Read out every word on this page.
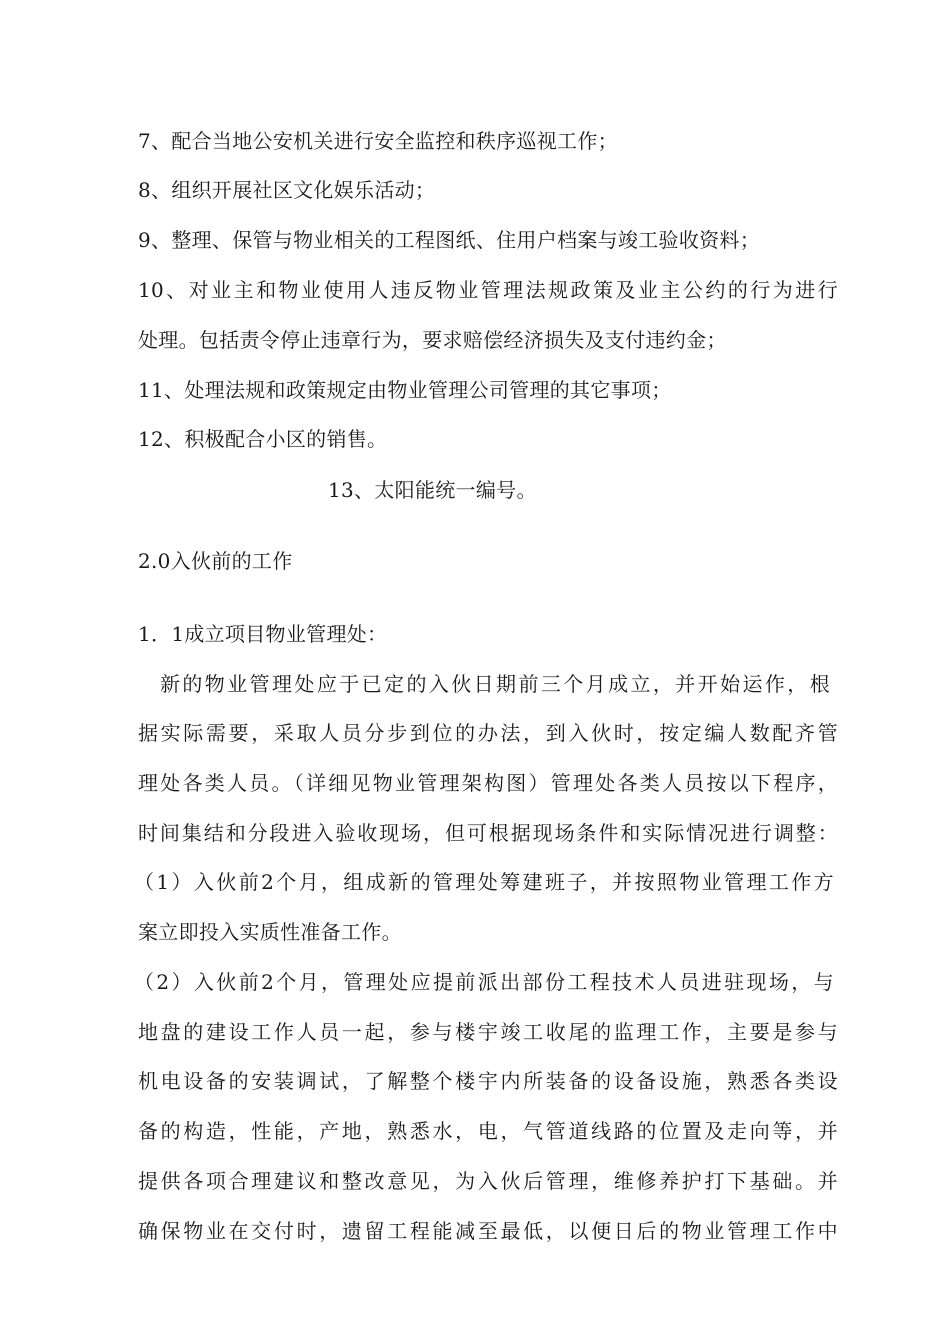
7、配合当地公安机关进行安全监控和秩序巡视工作；
8、组织开展社区文化娱乐活动；
9、整理、保管与物业相关的工程图纸、住用户档案与竣工验收资料；
10、对业主和物业使用人违反物业管理法规政策及业主公约的行为进行
处理。包括责令停止违章行为，要求赔偿经济损失及支付违约金；
11、处理法规和政策规定由物业管理公司管理的其它事项；
12、积极配合小区的销售。
13、太阳能统一编号。
2.0入伙前的工作
1．1成立项目物业管理处：
新的物业管理处应于已定的入伙日期前三个月成立，并开始运作，根
据实际需要，采取人员分步到位的办法，到入伙时，按定编人数配齐管
理处各类人员。（详细见物业管理架构图）管理处各类人员按以下程序，
时间集结和分段进入验收现场，但可根据现场条件和实际情况进行调整：
（1）入伙前2个月，组成新的管理处筹建班子，并按照物业管理工作方
案立即投入实质性准备工作。
（2）入伙前2个月，管理处应提前派出部份工程技术人员进驻现场，与
地盘的建设工作人员一起，参与楼宇竣工收尾的监理工作，主要是参与
机电设备的安装调试，了解整个楼宇内所装备的设备设施，熟悉各类设
备的构造，性能，产地，熟悉水，电，气管道线路的位置及走向等，并
提供各项合理建议和整改意见，为入伙后管理，维修养护打下基础。并
确保物业在交付时，遗留工程能减至最低，以便日后的物业管理工作中
